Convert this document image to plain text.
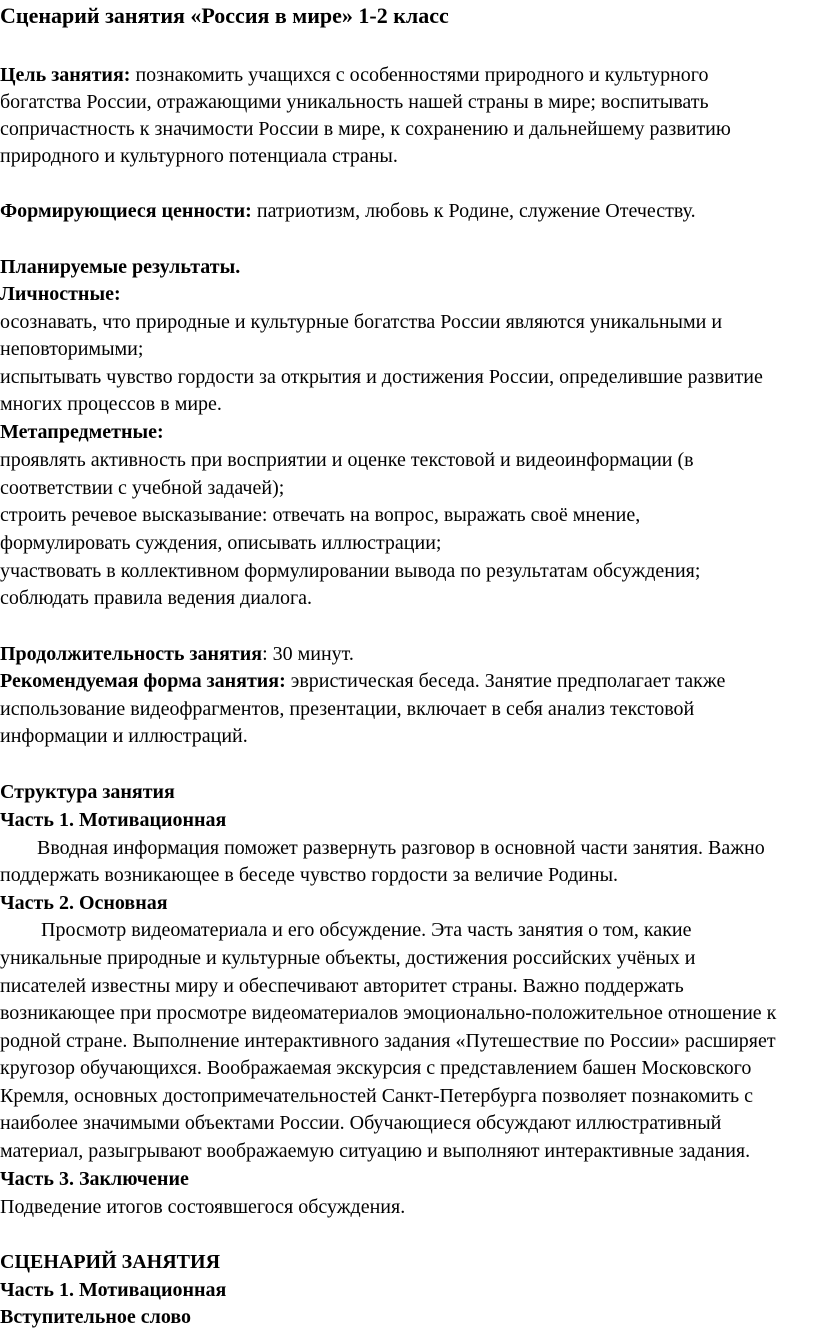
Сценарий занятия «Россия в мире» 1-2 класс
Цель занятия: познакомить учащихся с особенностями природного и культурного
богатства России, отражающими уникальность нашей страны в мире; воспитывать
сопричастность к значимости России в мире, к сохранению и дальнейшему развитию
природного и культурного потенциала страны.
Формирующиеся ценности: патриотизм, любовь к Родине, служение Отечеству.
Планируемые результаты.
Личностные:
осознавать, что природные и культурные богатства России являются уникальными и
неповторимыми;
испытывать чувство гордости за открытия и достижения России, определившие развитие
многих процессов в мире.
Метапредметные:
проявлять активность при восприятии и оценке текстовой и видеоинформации (в
соответствии с учебной задачей);
строить речевое высказывание: отвечать на вопрос, выражать своё мнение,
формулировать суждения, описывать иллюстрации;
участвовать в коллективном формулировании вывода по результатам обсуждения;
соблюдать правила ведения диалога.
Продолжительность занятия: 30 минут.
Рекомендуемая форма занятия: эвристическая беседа. Занятие предполагает также
использование видеофрагментов, презентации, включает в себя анализ текстовой
информации и иллюстраций.
Структура занятия
Часть 1. Мотивационная
Вводная информация поможет развернуть разговор в основной части занятия. Важно
поддержать возникающее в беседе чувство гордости за величие Родины.
Часть 2. Основная
Просмотр видеоматериала и его обсуждение. Эта часть занятия о том, какие
уникальные природные и культурные объекты, достижения российских учёных и
писателей известны миру и обеспечивают авторитет страны. Важно поддержать
возникающее при просмотре видеоматериалов эмоционально-положительное отношение к
родной стране. Выполнение интерактивного задания «Путешествие по России» расширяет
кругозор обучающихся. Воображаемая экскурсия с представлением башен Московского
Кремля, основных достопримечательностей Санкт-Петербурга позволяет познакомить с
наиболее значимыми объектами России. Обучающиеся обсуждают иллюстративный
материал, разыгрывают воображаемую ситуацию и выполняют интерактивные задания.
Часть 3. Заключение
Подведение итогов состоявшегося обсуждения.
СЦЕНАРИЙ ЗАНЯТИЯ
Часть 1. Мотивационная
Вступительное слово
